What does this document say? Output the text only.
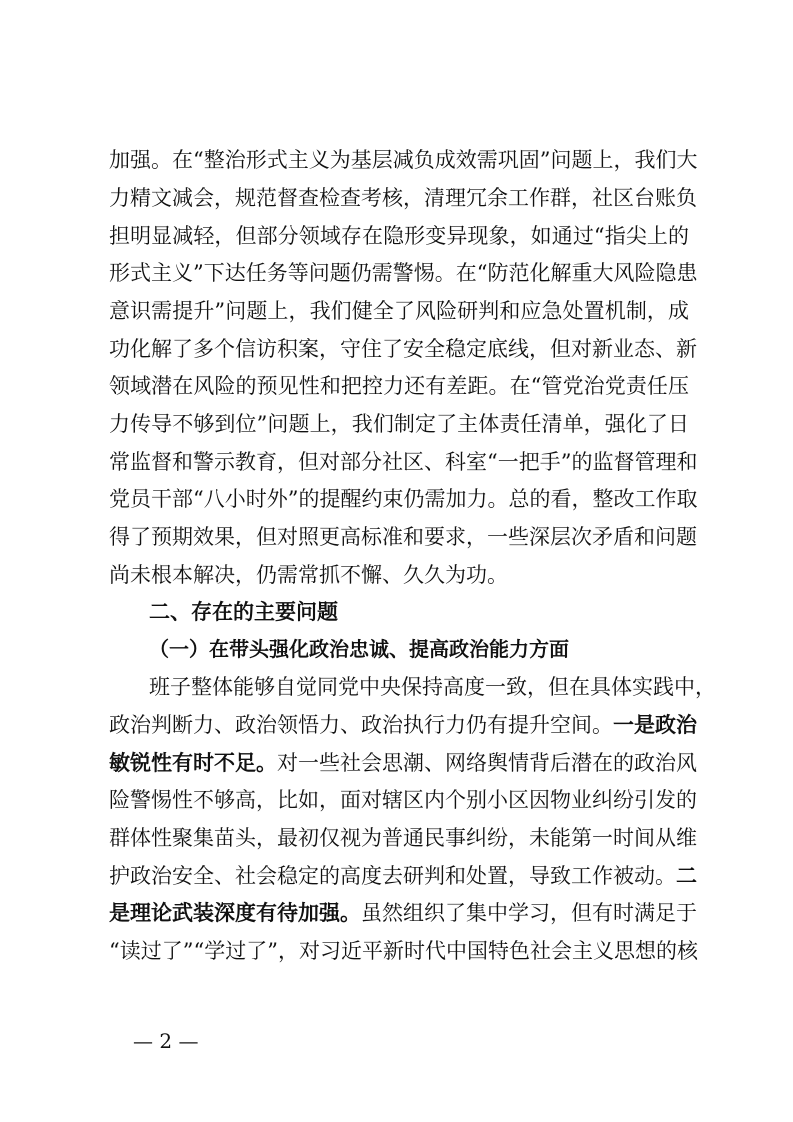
加强。在“整治形式主义为基层减负成效需巩固”问题上，我们大
力精文减会，规范督查检查考核，清理冗余工作群，社区台账负
担明显减轻，但部分领域存在隐形变异现象，如通过“指尖上的
形式主义”下达任务等问题仍需警惕。在“防范化解重大风险隐患
意识需提升”问题上，我们健全了风险研判和应急处置机制，成
功化解了多个信访积案，守住了安全稳定底线，但对新业态、新
领域潜在风险的预见性和把控力还有差距。在“管党治党责任压
力传导不够到位”问题上，我们制定了主体责任清单，强化了日
常监督和警示教育，但对部分社区、科室“一把手”的监督管理和
党员干部“八小时外”的提醒约束仍需加力。总的看，整改工作取
得了预期效果，但对照更高标准和要求，一些深层次矛盾和问题
尚未根本解决，仍需常抓不懈、久久为功。
二、存在的主要问题
（一）在带头强化政治忠诚、提高政治能力方面
班子整体能够自觉同党中央保持高度一致，但在具体实践中，
政治判断力、政治领悟力、政治执行力仍有提升空间。一是政治
敏锐性有时不足。对一些社会思潮、网络舆情背后潜在的政治风
险警惕性不够高，比如，面对辖区内个别小区因物业纠纷引发的
群体性聚集苗头，最初仅视为普通民事纠纷，未能第一时间从维
护政治安全、社会稳定的高度去研判和处置，导致工作被动。二
是理论武装深度有待加强。虽然组织了集中学习，但有时满足于
“读过了”“学过了”，对习近平新时代中国特色社会主义思想的核
— 2 —
